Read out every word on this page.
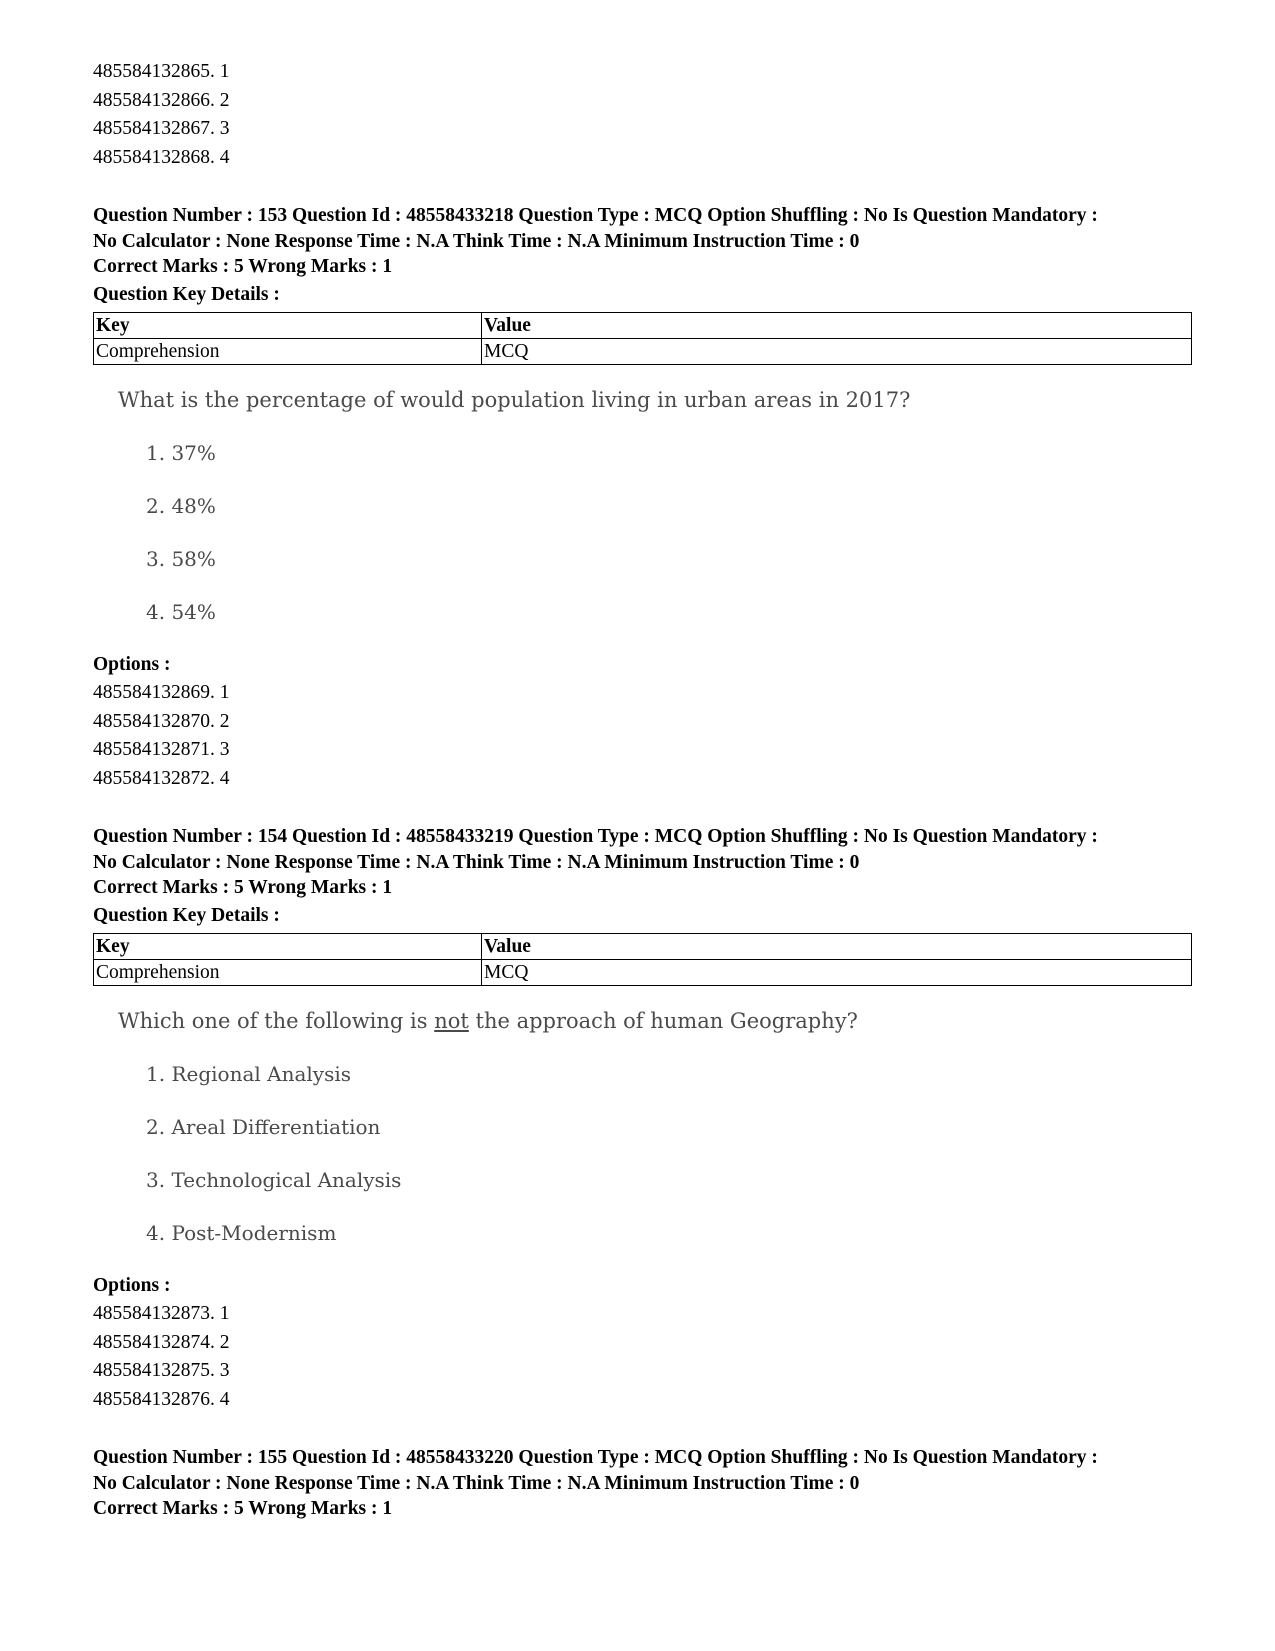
485584132865. 1
485584132866. 2
485584132867. 3
485584132868. 4
Question Number : 153 Question Id : 48558433218 Question Type : MCQ Option Shuffling : No Is Question Mandatory :
No Calculator : None Response Time : N.A Think Time : N.A Minimum Instruction Time : 0
Correct Marks : 5 Wrong Marks : 1
Question Key Details :
Key	Value
Comprehension	MCQ
What is the percentage of would population living in urban areas in 2017?
1. 37%
2. 48%
3. 58%
4. 54%
Options :
485584132869. 1
485584132870. 2
485584132871. 3
485584132872. 4
Question Number : 154 Question Id : 48558433219 Question Type : MCQ Option Shuffling : No Is Question Mandatory :
No Calculator : None Response Time : N.A Think Time : N.A Minimum Instruction Time : 0
Correct Marks : 5 Wrong Marks : 1
Question Key Details :
Key	Value
Comprehension	MCQ
Which one of the following is not the approach of human Geography?
1. Regional Analysis
2. Areal Differentiation
3. Technological Analysis
4. Post-Modernism
Options :
485584132873. 1
485584132874. 2
485584132875. 3
485584132876. 4
Question Number : 155 Question Id : 48558433220 Question Type : MCQ Option Shuffling : No Is Question Mandatory :
No Calculator : None Response Time : N.A Think Time : N.A Minimum Instruction Time : 0
Correct Marks : 5 Wrong Marks : 1
